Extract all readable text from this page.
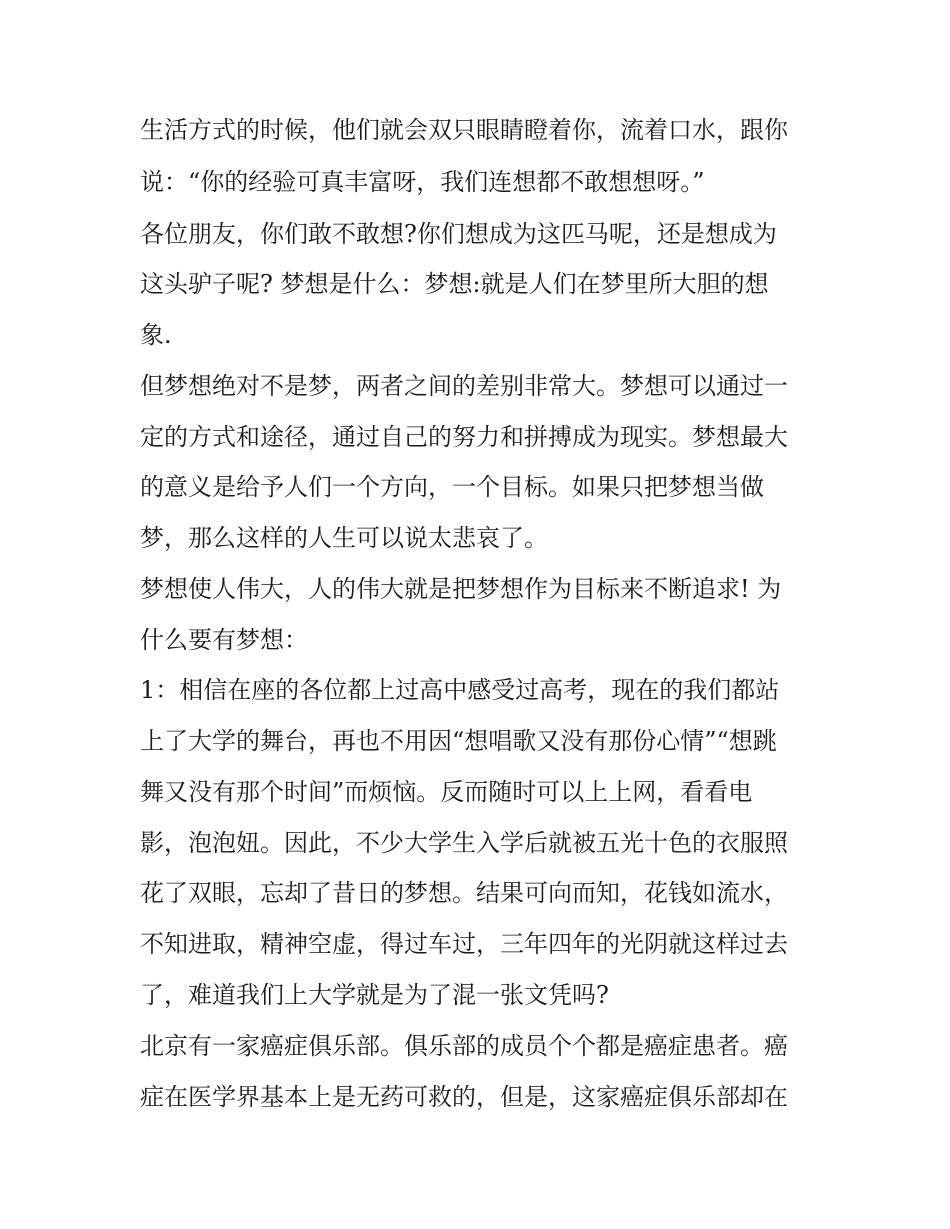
生活方式的时候，他们就会双只眼睛瞪着你，流着口水，跟你
说：“你的经验可真丰富呀，我们连想都不敢想想呀。”
各位朋友，你们敢不敢想?你们想成为这匹马呢，还是想成为
这头驴子呢? 梦想是什么：梦想:就是人们在梦里所大胆的想
象.
但梦想绝对不是梦，两者之间的差别非常大。梦想可以通过一
定的方式和途径，通过自己的努力和拼搏成为现实。梦想最大
的意义是给予人们一个方向，一个目标。如果只把梦想当做
梦，那么这样的人生可以说太悲哀了。
梦想使人伟大，人的伟大就是把梦想作为目标来不断追求! 为
什么要有梦想：
1：相信在座的各位都上过高中感受过高考，现在的我们都站
上了大学的舞台，再也不用因“想唱歌又没有那份心情”“想跳
舞又没有那个时间”而烦恼。反而随时可以上上网，看看电
影，泡泡妞。因此，不少大学生入学后就被五光十色的衣服照
花了双眼，忘却了昔日的梦想。结果可向而知，花钱如流水，
不知进取，精神空虚，得过车过，三年四年的光阴就这样过去
了，难道我们上大学就是为了混一张文凭吗?
北京有一家癌症俱乐部。俱乐部的成员个个都是癌症患者。癌
症在医学界基本上是无药可救的，但是，这家癌症俱乐部却在
